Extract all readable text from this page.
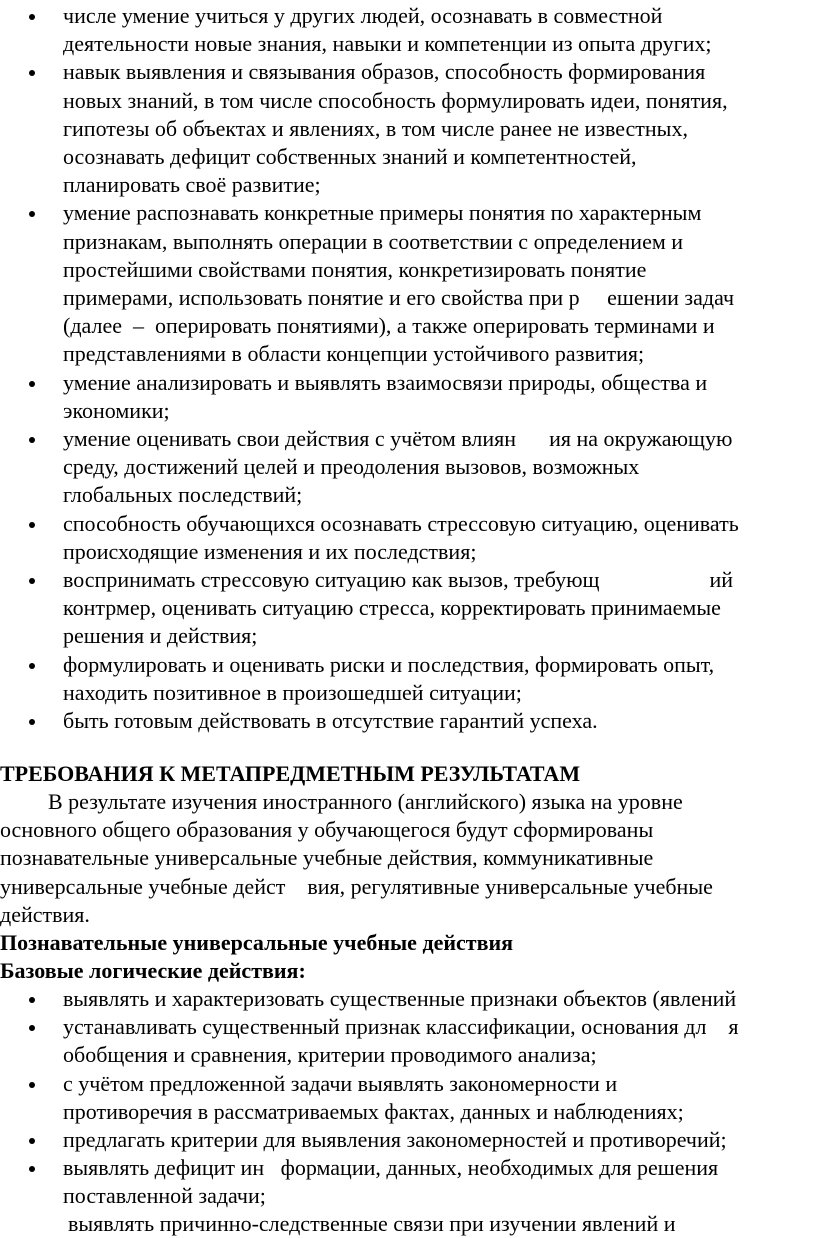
числе умение учиться у других людей, осознавать в совместной
деятельности новые знания, навыки и компетенции из опыта других;
навык выявления и связывания образов, способность формирования
новых знаний, в том числе способность формулировать идеи, понятия,
гипотезы об объектах и явлениях, в том числе ранее не известных,
осознавать дефицит собственных знаний и компетентностей,
планировать своё развитие;
умение распознавать конкретные примеры понятия по характерным
признакам, выполнять операции в соответствии с определением и
простейшими свойствами понятия, конкретизировать понятие
примерами, использовать понятие и его свойства при р     ешении задач
(далее  –  оперировать понятиями), а также оперировать терминами и
представлениями в области концепции устойчивого развития;
умение анализировать и выявлять взаимосвязи природы, общества и
экономики;
умение оценивать свои действия с учётом влиян      ия на окружающую
среду, достижений целей и преодоления вызовов, возможных
глобальных последствий;
способность обучающихся осознавать стрессовую ситуацию, оценивать
происходящие изменения и их последствия;
воспринимать стрессовую ситуацию как вызов, требующ                    ий
контрмер, оценивать ситуацию стресса, корректировать принимаемые
решения и действия;
формулировать и оценивать риски и последствия, формировать опыт,
находить позитивное в произошедшей ситуации;
быть готовым действовать в отсутствие гарантий успеха.
ТРЕБОВАНИЯ К МЕТАПРЕДМЕТНЫМ РЕЗУЛЬТАТАМ
В результате изучения иностранного (английского) языка на уровне
основного общего образования у обучающегося будут сформированы
познавательные универсальные учебные действия, коммуникативные
универсальные учебные дейст    вия, регулятивные универсальные учебные
действия.
Познавательные универсальные учебные действия
Базовые логические действия:
выявлять и характеризовать существенные признаки объектов (явлений
устанавливать существенный признак классификации, основания дл    я
обобщения и сравнения, критерии проводимого анализа;
с учётом предложенной задачи выявлять закономерности и
противоречия в рассматриваемых фактах, данных и наблюдениях;
предлагать критерии для выявления закономерностей и противоречий;
выявлять дефицит ин   формации, данных, необходимых для решения
поставленной задачи;
выявлять причинно-следственные связи при изучении явлений и
